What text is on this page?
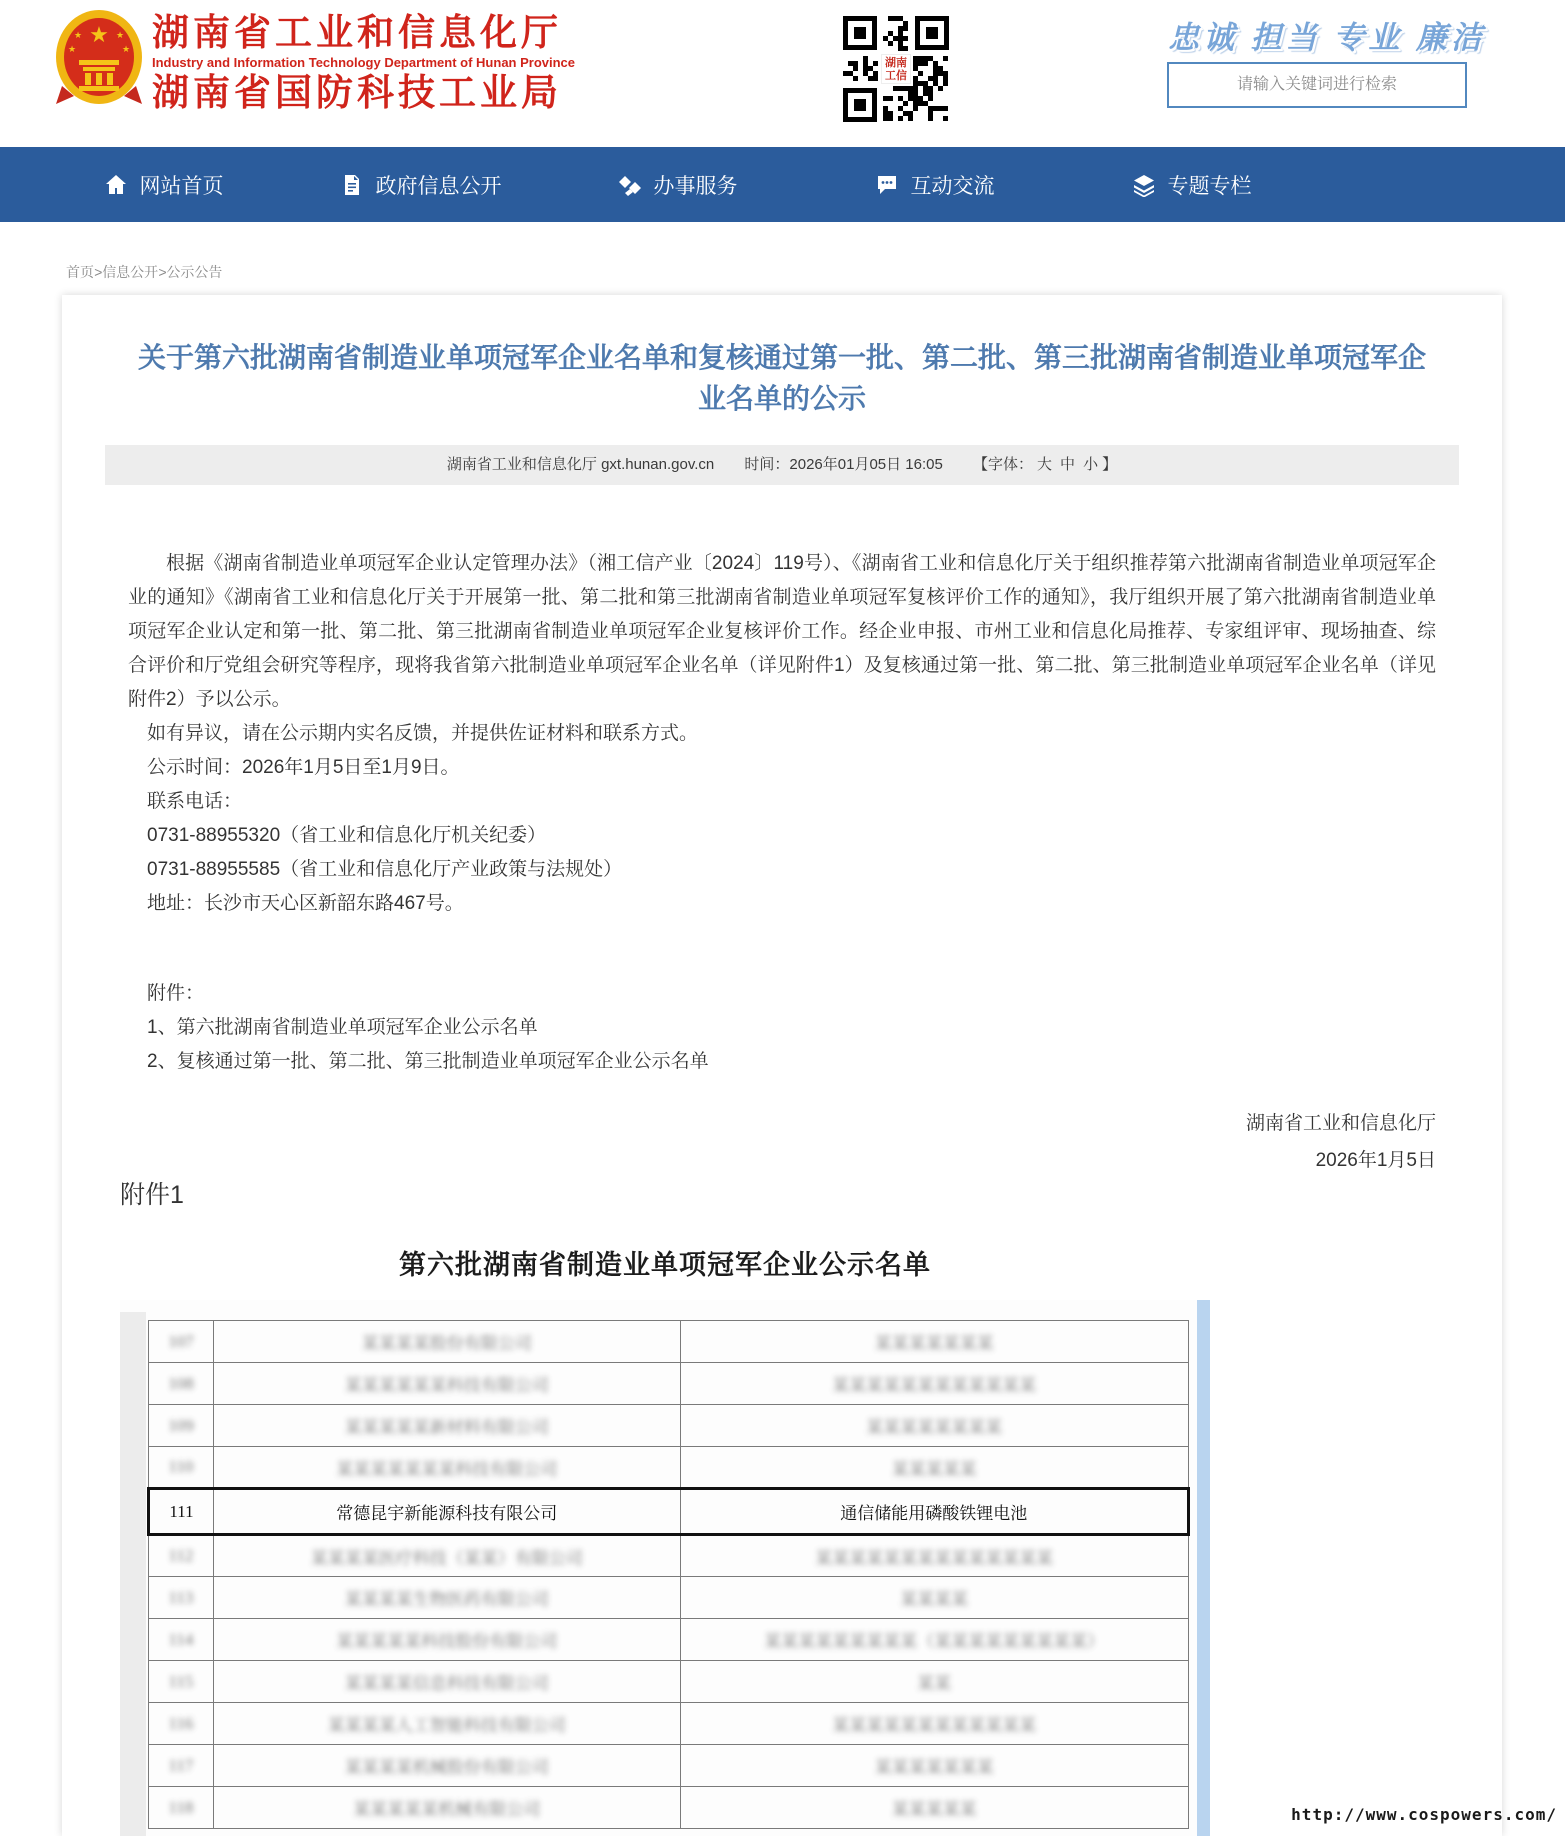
★
★	★
★	★ 湖南省工业和信息化厅
Industry and Information Technology Department of Hunan Province
湖南省国防科技工业局
湖南 工信
忠诚 担当 专业 廉洁
请输入关键词进行检索
网站首页	政府信息公开	办事服务	互动交流	专题专栏
首页>信息公开>公示公告
关于第六批湖南省制造业单项冠军企业名单和复核通过第一批、第二批、第三批湖南省制造业单项冠军企业名单的公示
湖南省工业和信息化厅 gxt.hunan.gov.cn 时间：2026年01月05日 16:05 【字体： 大 中 小 】

根据《湖南省制造业单项冠军企业认定管理办法》（湘工信产业〔2024〕119号）、《湖南省工业和信息化厅关于组织推荐第六批湖南省制造业单项冠军企业的通知》《湖南省工业和信息化厅关于开展第一批、第二批和第三批湖南省制造业单项冠军复核评价工作的通知》，我厅组织开展了第六批湖南省制造业单项冠军企业认定和第一批、第二批、第三批湖南省制造业单项冠军企业复核评价工作。经企业申报、市州工业和信息化局推荐、专家组评审、现场抽查、综合评价和厅党组会研究等程序，现将我省第六批制造业单项冠军企业名单（详见附件1）及复核通过第一批、第二批、第三批制造业单项冠军企业名单（详见附件2）予以公示。

如有异议，请在公示期内实名反馈，并提供佐证材料和联系方式。

公示时间：2026年1月5日至1月9日。

联系电话：

0731-88955320（省工业和信息化厅机关纪委）

0731-88955585（省工业和信息化厅产业政策与法规处）

地址：长沙市天心区新韶东路467号。

附件：

1、第六批湖南省制造业单项冠军企业公示名单

2、复核通过第一批、第二批、第三批制造业单项冠军企业公示名单

湖南省工业和信息化厅
2026年1月5日
附件1
第六批湖南省制造业单项冠军企业公示名单
107	某某某某股份有限公司	某某某某某某某
108	某某某某某某科技有限公司	某某某某某某某某某某某某
109	某某某某某新材料有限公司	某某某某某某某某
110	某某某某某某某科技有限公司	某某某某某
111	常德昆宇新能源科技有限公司	通信储能用磷酸铁锂电池
112	某某某某医疗科技（某某）有限公司	某某某某某某某某某某某某某某
113	某某某某生物医药有限公司	某某某某
114	某某某某某科技股份有限公司	某某某某某某某某某（某某某某某某某某某）
115	某某某某信息科技有限公司	某某
116	某某某某人工智能科技有限公司	某某某某某某某某某某某某
117	某某某某机械股份有限公司	某某某某某某某
118	某某某某某机械有限公司	某某某某某	http://www.cospowers.com/
